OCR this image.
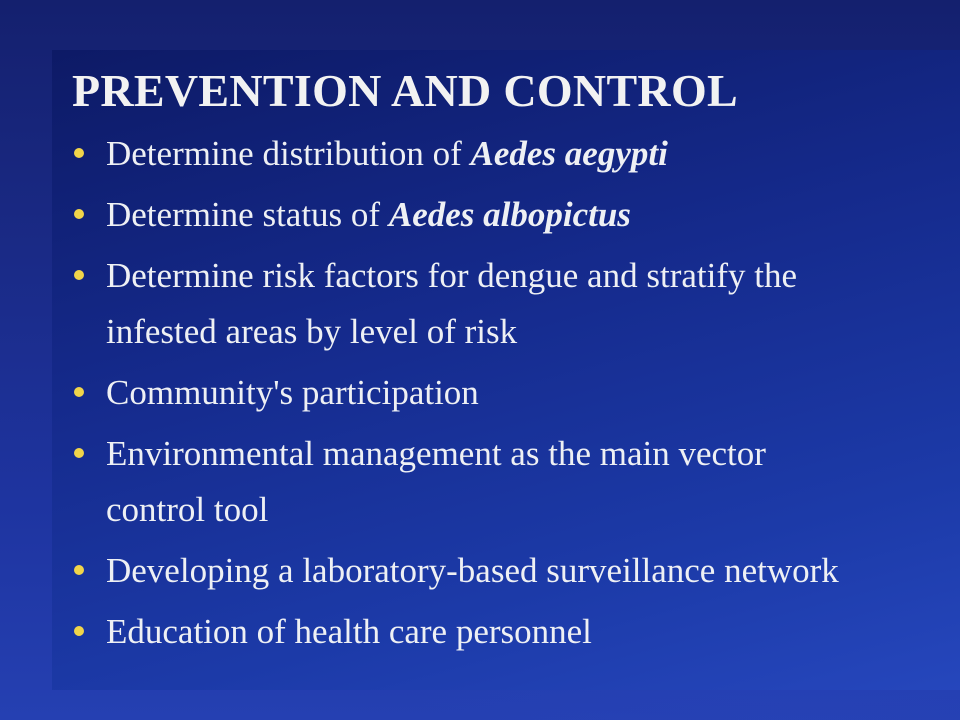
PREVENTION AND CONTROL
Determine distribution of Aedes aegypti
Determine status of Aedes albopictus
Determine risk factors for dengue and stratify the
infested areas by level of risk
Community's participation
Environmental management as the main vector
control tool
Developing a laboratory-based surveillance network
Education of health care personnel
